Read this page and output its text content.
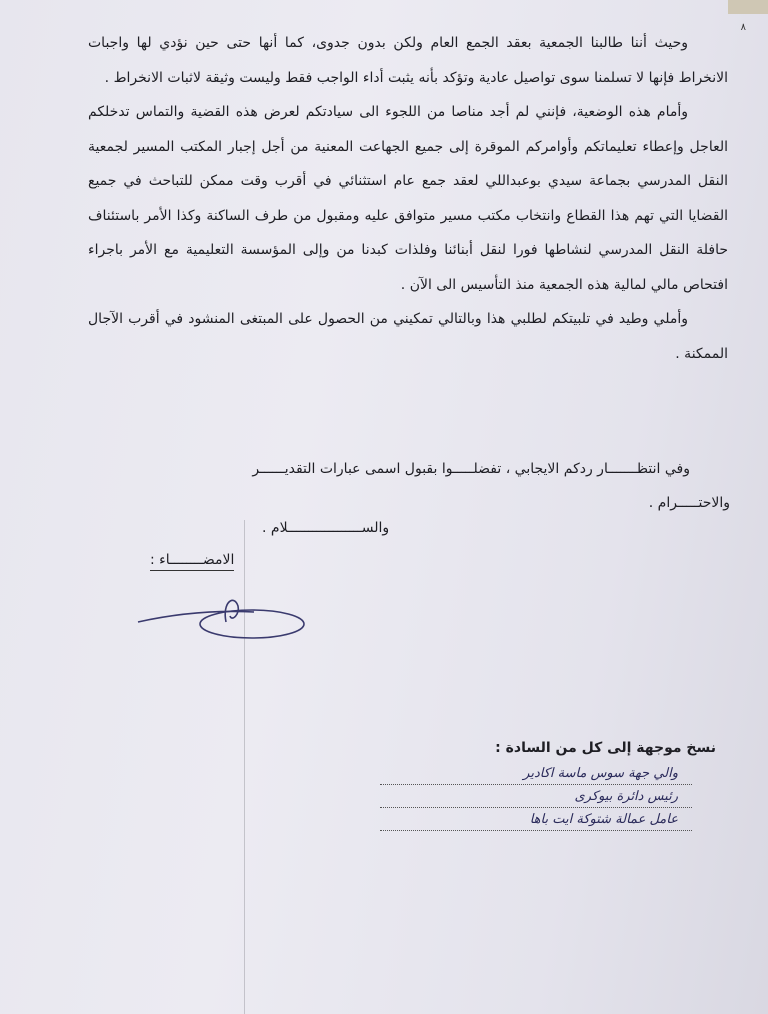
٨

وحيث أننا طالبنا الجمعية بعقد الجمع العام ولكن بدون جدوى، كما أنها حتى حين نؤدي لها واجبات الانخراط فإنها لا تسلمنا سوى تواصيل عادية وتؤكد بأنه يثبت أداء الواجب فقط وليست وثيقة لاثبات الانخراط .

وأمام هذه الوضعية، فإنني لم أجد مناصا من اللجوء الى سيادتكم لعرض هذه القضية والتماس تدخلكم العاجل وإعطاء تعليماتكم وأوامركم الموقرة إلى جميع الجهاعت المعنية من أجل إجبار المكتب المسير لجمعية النقل المدرسي بجماعة سيدي بوعبداللي لعقد جمع عام استثنائي في أقرب وقت ممكن للتباحث في جميع القضايا التي تهم هذا القطاع وانتخاب مكتب مسير متوافق عليه ومقبول من طرف الساكنة وكذا الأمر باستئناف حافلة النقل المدرسي لنشاطها فورا لنقل أبنائنا وفلذات كبدنا من وإلى المؤسسة التعليمية مع الأمر باجراء افتحاص مالي لمالية هذه الجمعية منذ التأسيس الى الآن .

وأملي وطيد في تلبيتكم لطلبي هذا وبالتالي تمكيني من الحصول على المبتغى المنشود في أقرب الآجال الممكنة .

وفي انتظـــــــار ردكم الايجابي ، تفضلـــــوا بقبول اسمى عبارات التقديــــــر

والاحتـــــرام .

والســــــــــــــــــلام .
الامضــــــــاء :
نسخ موجهة إلى كل من السادة :
والي جهة سوس ماسة اكادير
رئيس دائرة بيوكرى
عامل عمالة شتوكة ايت باها
